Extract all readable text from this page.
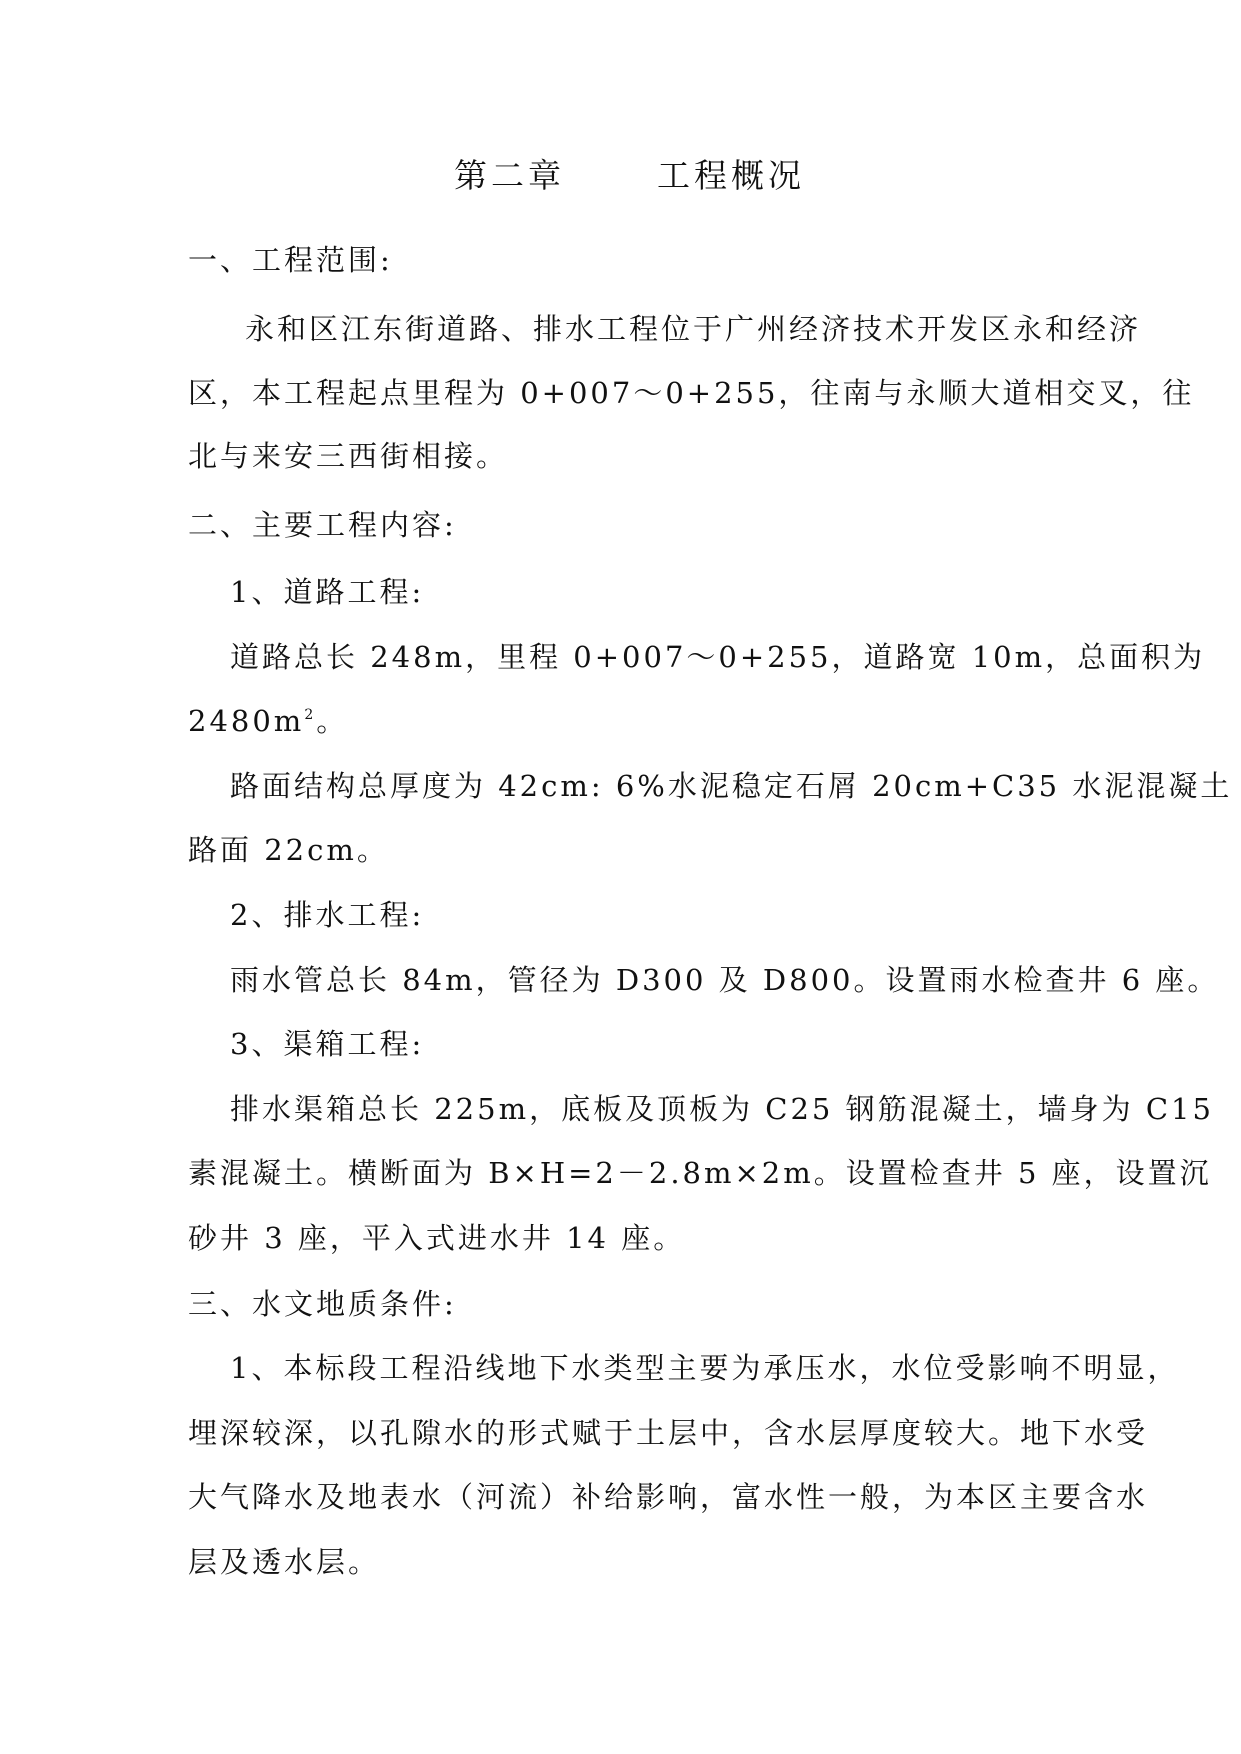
第二章	工程概况
一、工程范围:
永和区江东街道路、排水工程位于广州经济技术开发区永和经济
区，本工程起点里程为 0+007～0+255，往南与永顺大道相交叉，往
北与来安三西街相接。
二、主要工程内容:
1、道路工程:
道路总长 248m，里程 0+007～0+255，道路宽 10m，总面积为
$2480m^2$。
路面结构总厚度为 42cm: 6%水泥稳定石屑 20cm+C35 水泥混凝土
路面 22cm。
2、排水工程:
雨水管总长 84m，管径为 D300 及 D800。设置雨水检查井 6 座。
3、渠箱工程:
排水渠箱总长 225m，底板及顶板为 C25 钢筋混凝土，墙身为 C15
素混凝土。横断面为 B×H=2－2.8m×2m。设置检查井 5 座，设置沉
砂井 3 座，平入式进水井 14 座。
三、水文地质条件:
1、本标段工程沿线地下水类型主要为承压水，水位受影响不明显，
埋深较深，以孔隙水的形式赋于土层中，含水层厚度较大。地下水受
大气降水及地表水（河流）补给影响，富水性一般，为本区主要含水
层及透水层。
